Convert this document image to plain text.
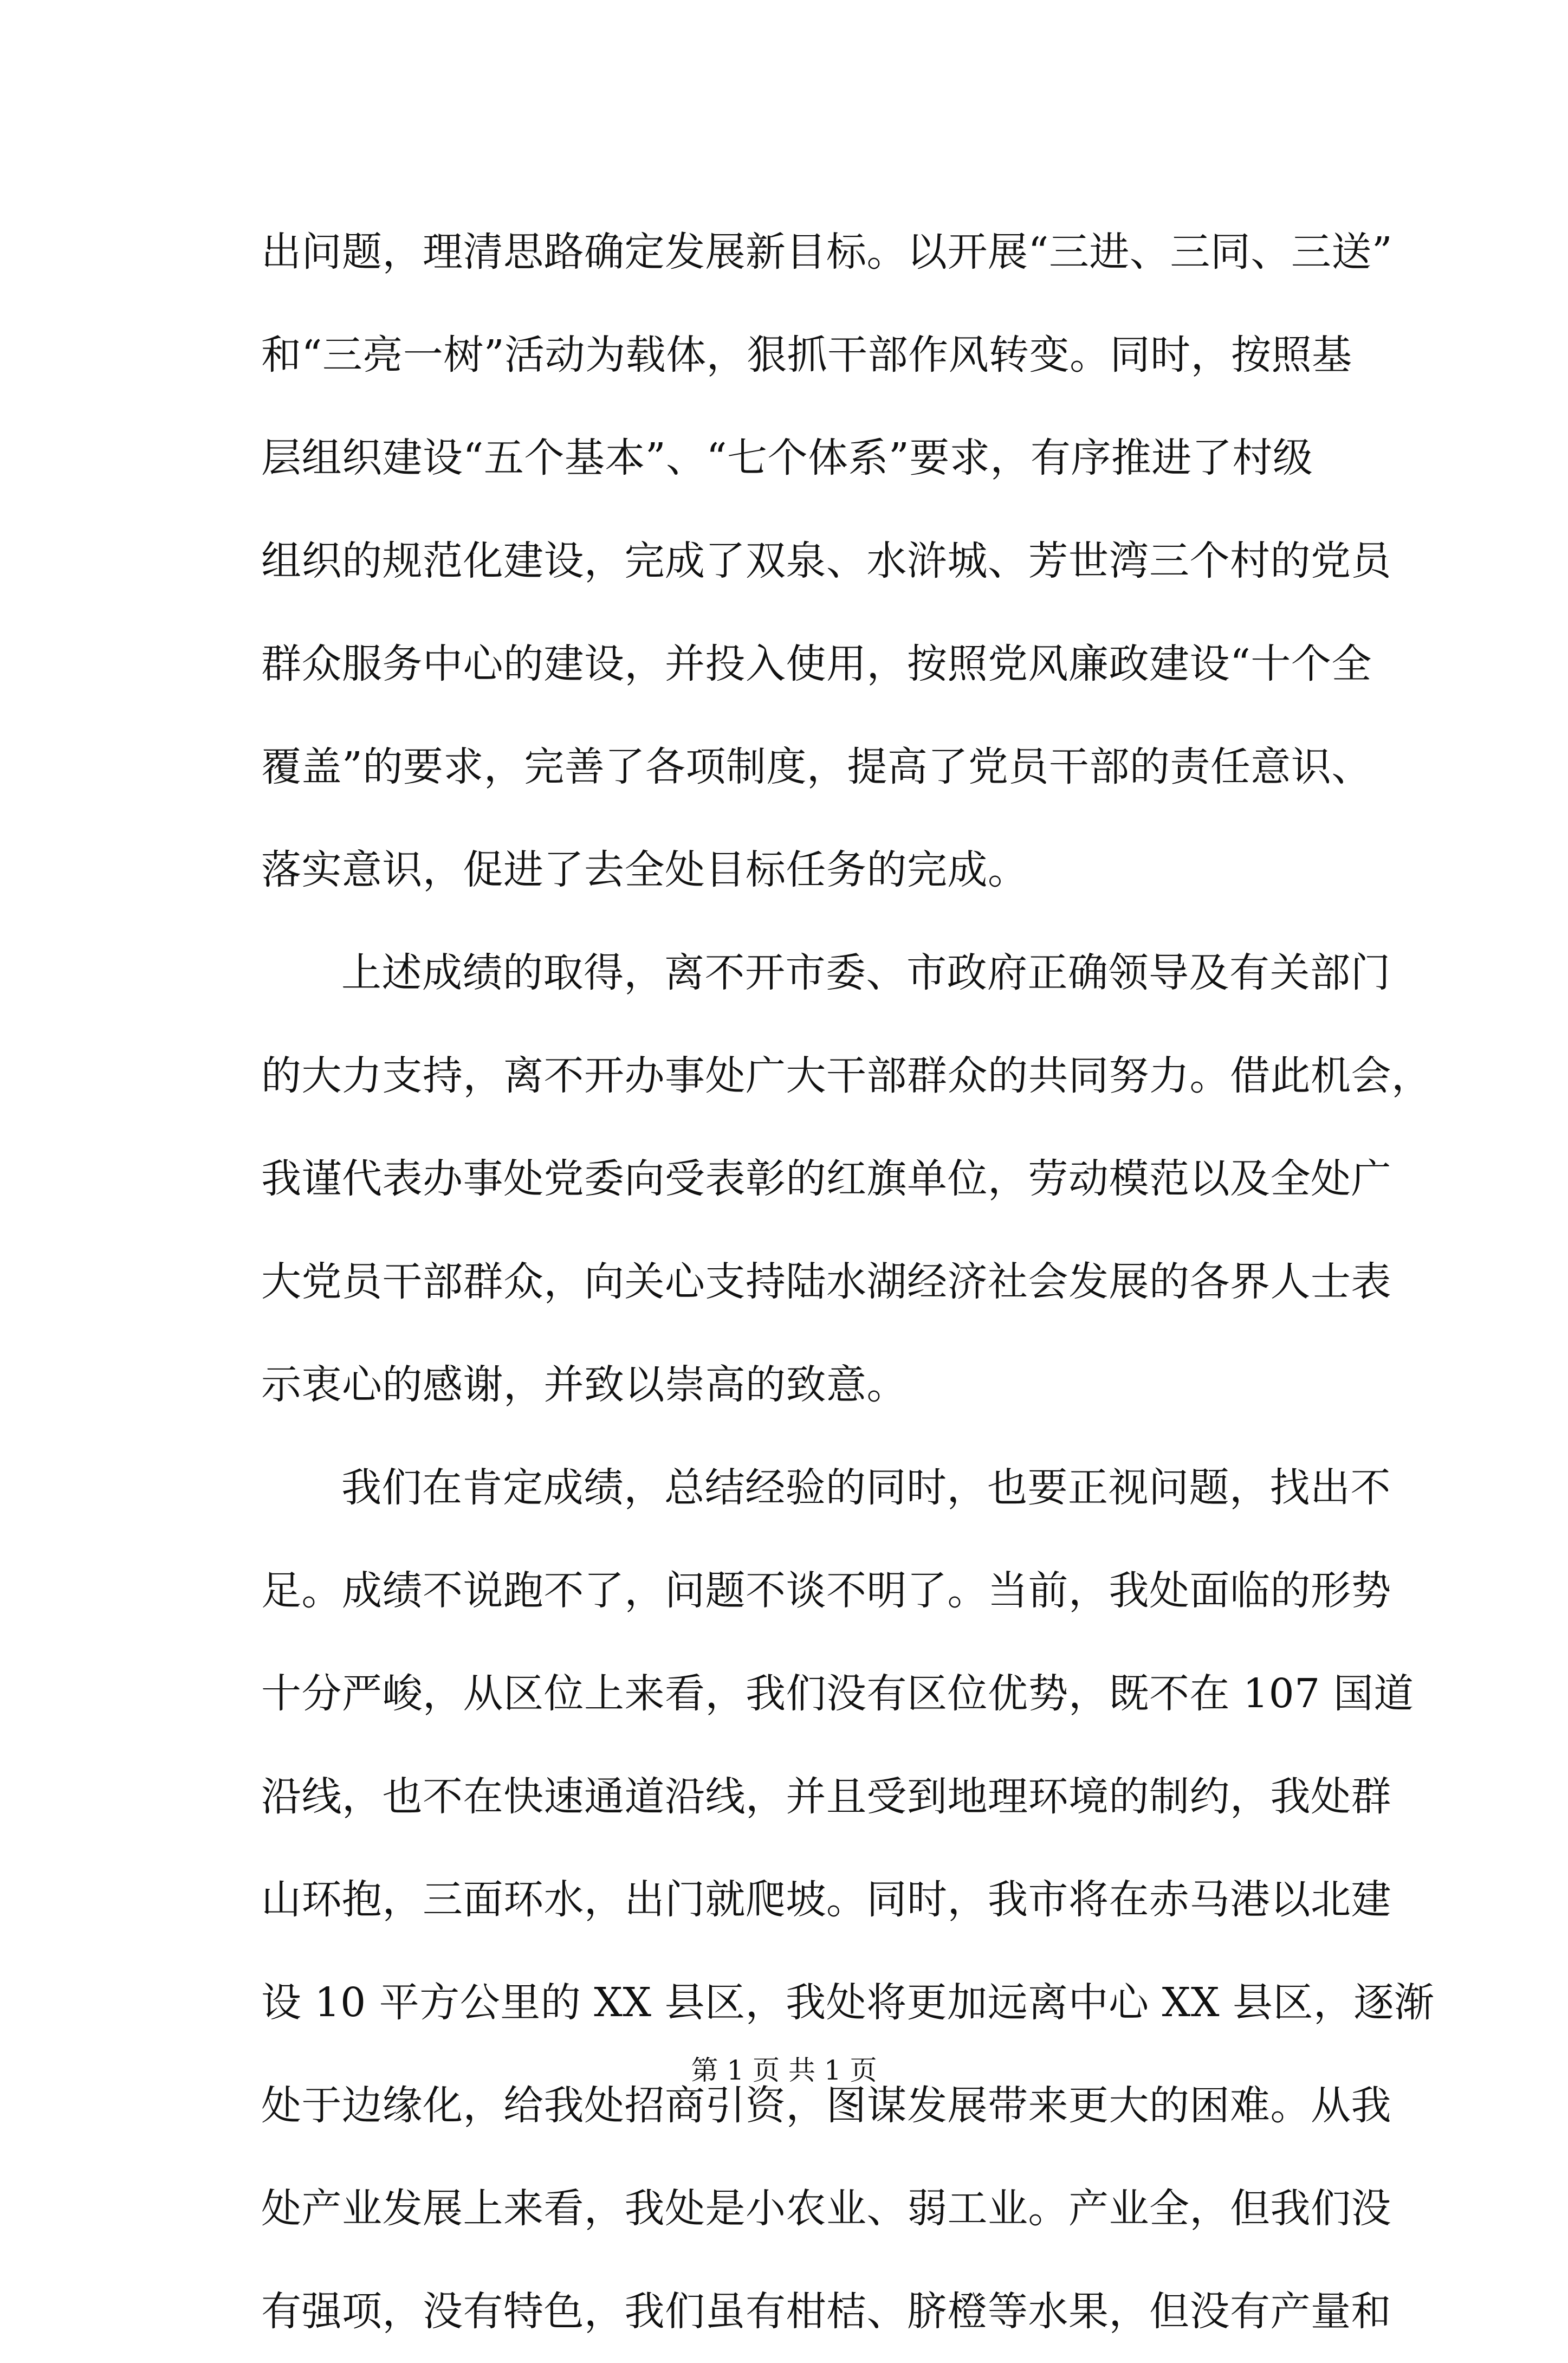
出问题，理清思路确定发展新目标。以开展“三进、三同、三送”
和“三亮一树”活动为载体，狠抓干部作风转变。同时，按照基
层组织建设“五个基本”、“七个体系”要求，有序推进了村级
组织的规范化建设，完成了双泉、水浒城、芳世湾三个村的党员
群众服务中心的建设，并投入使用，按照党风廉政建设“十个全
覆盖”的要求，完善了各项制度，提高了党员干部的责任意识、
落实意识，促进了去全处目标任务的完成。
上述成绩的取得，离不开市委、市政府正确领导及有关部门
的大力支持，离不开办事处广大干部群众的共同努力。借此机会，
我谨代表办事处党委向受表彰的红旗单位，劳动模范以及全处广
大党员干部群众，向关心支持陆水湖经济社会发展的各界人士表
示衷心的感谢，并致以崇高的致意。
我们在肯定成绩，总结经验的同时，也要正视问题，找出不
足。成绩不说跑不了，问题不谈不明了。当前，我处面临的形势
十分严峻，从区位上来看，我们没有区位优势，既不在 107 国道
沿线，也不在快速通道沿线，并且受到地理环境的制约，我处群
山环抱，三面环水，出门就爬坡。同时，我市将在赤马港以北建
设 10 平方公里的 XX 县区，我处将更加远离中心 XX 县区，逐渐
处于边缘化，给我处招商引资，图谋发展带来更大的困难。从我
处产业发展上来看，我处是小农业、弱工业。产业全，但我们没
有强项，没有特色，我们虽有柑桔、脐橙等水果，但没有产量和
第 1 页 共 1 页
